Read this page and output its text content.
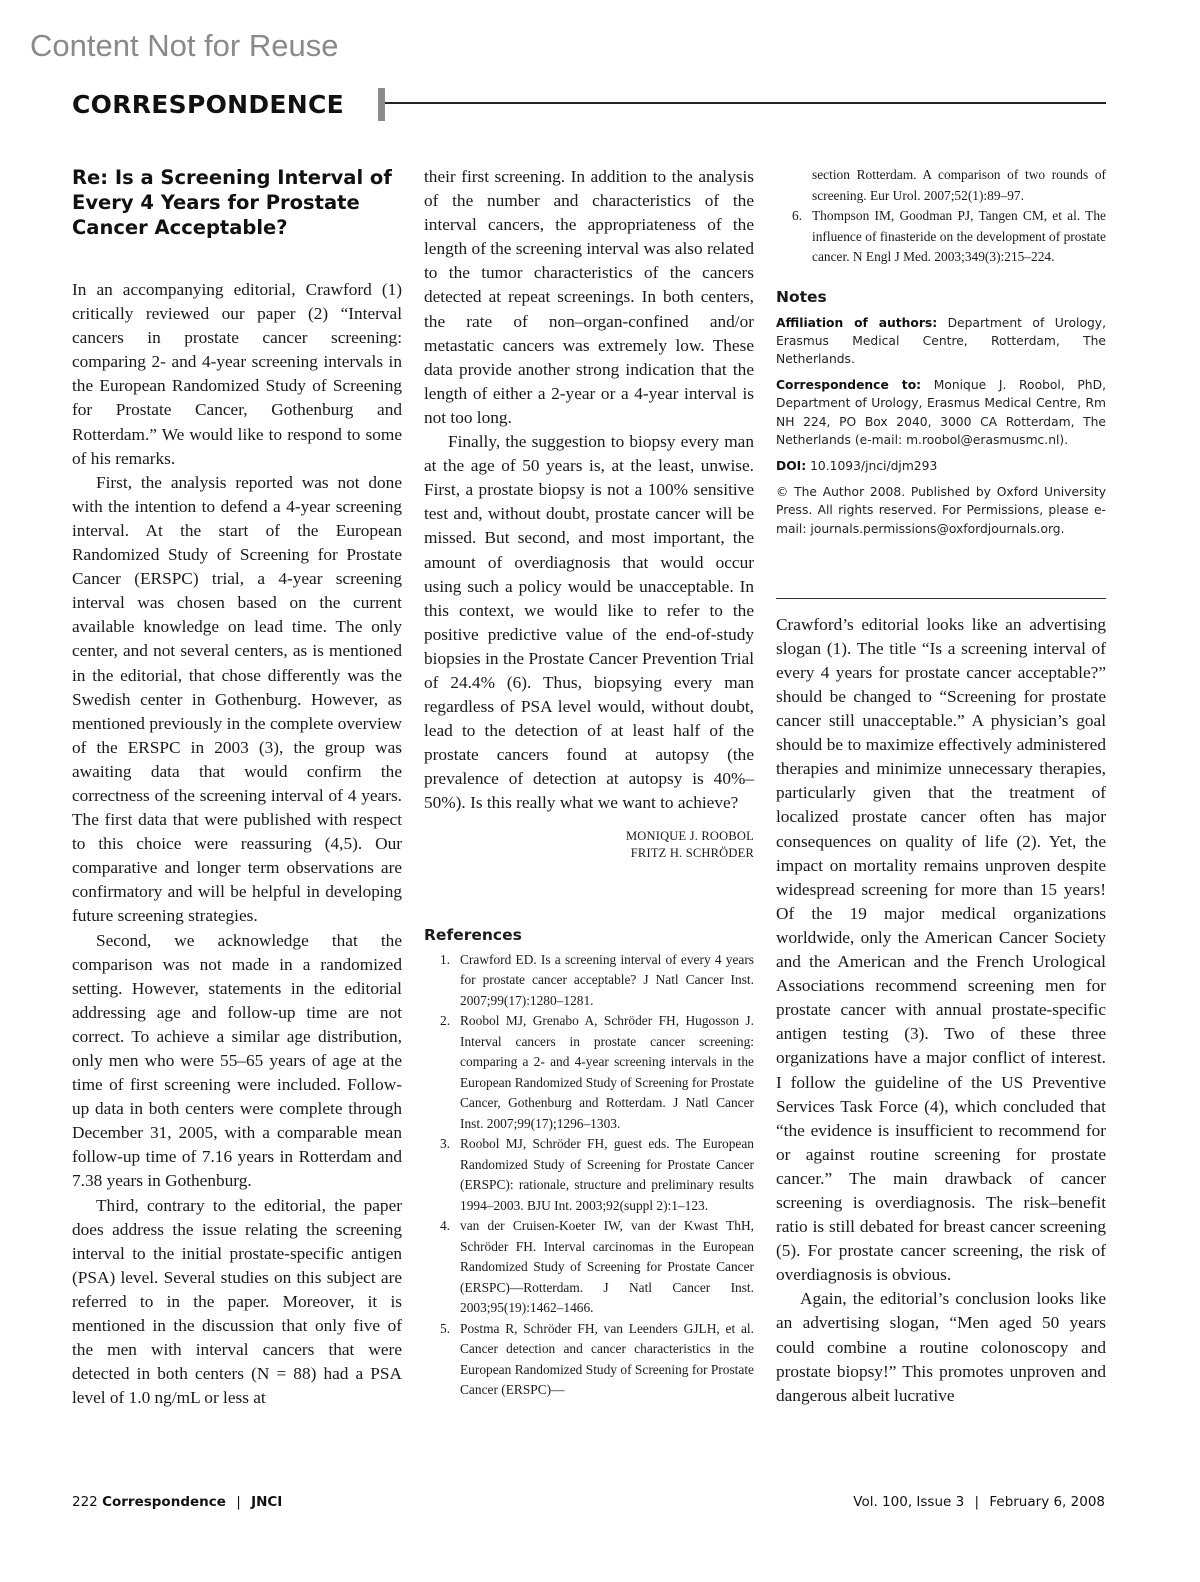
Content Not for Reuse
CORRESPONDENCE
Re: Is a Screening Interval of Every 4 Years for Prostate Cancer Acceptable?

In an accompanying editorial, Crawford (1) critically reviewed our paper (2) “Interval cancers in prostate cancer screening: comparing 2- and 4-year screening intervals in the European Randomized Study of Screening for Prostate Cancer, Gothenburg and Rotterdam.” We would like to respond to some of his remarks.

First, the analysis reported was not done with the intention to defend a 4-year screening interval. At the start of the European Randomized Study of Screening for Prostate Cancer (ERSPC) trial, a 4-year screening interval was chosen based on the current available knowledge on lead time. The only center, and not several centers, as is mentioned in the editorial, that chose differently was the Swedish center in Gothenburg. However, as mentioned previously in the complete overview of the ERSPC in 2003 (3), the group was awaiting data that would confirm the correctness of the screening interval of 4 years. The first data that were published with respect to this choice were reassuring (4,5). Our comparative and longer term observations are confirmatory and will be helpful in developing future screening strategies.

Second, we acknowledge that the comparison was not made in a randomized setting. However, statements in the editorial addressing age and follow-up time are not correct. To achieve a similar age distribution, only men who were 55–65 years of age at the time of first screening were included. Follow-up data in both centers were complete through December 31, 2005, with a comparable mean follow-up time of 7.16 years in Rotterdam and 7.38 years in Gothenburg.

Third, contrary to the editorial, the paper does address the issue relating the screening interval to the initial prostate-specific antigen (PSA) level. Several studies on this subject are referred to in the paper. Moreover, it is mentioned in the discussion that only five of the men with interval cancers that were detected in both centers (N = 88) had a PSA level of 1.0 ng/mL or less at

their first screening. In addition to the analysis of the number and characteristics of the interval cancers, the appropriateness of the length of the screening interval was also related to the tumor characteristics of the cancers detected at repeat screenings. In both centers, the rate of non–organ-confined and/or metastatic cancers was extremely low. These data provide another strong indication that the length of either a 2-year or a 4-year interval is not too long.

Finally, the suggestion to biopsy every man at the age of 50 years is, at the least, unwise. First, a prostate biopsy is not a 100% sensitive test and, without doubt, prostate cancer will be missed. But second, and most important, the amount of overdiagnosis that would occur using such a policy would be unacceptable. In this context, we would like to refer to the positive predictive value of the end-of-study biopsies in the Prostate Cancer Prevention Trial of 24.4% (6). Thus, biopsying every man regardless of PSA level would, without doubt, lead to the detection of at least half of the prostate cancers found at autopsy (the prevalence of detection at autopsy is 40%–50%). Is this really what we want to achieve?

MONIQUE J. ROOBOL
FRITZ H. SCHRÖDER
References
1. Crawford ED. Is a screening interval of every 4 years for prostate cancer acceptable? J Natl Cancer Inst. 2007;99(17):1280–1281.
2. Roobol MJ, Grenabo A, Schröder FH, Hugosson J. Interval cancers in prostate cancer screening: comparing a 2- and 4-year screening intervals in the European Randomized Study of Screening for Prostate Cancer, Gothenburg and Rotterdam. J Natl Cancer Inst. 2007;99(17);1296–1303.
3. Roobol MJ, Schröder FH, guest eds. The European Randomized Study of Screening for Prostate Cancer (ERSPC): rationale, structure and preliminary results 1994–2003. BJU Int. 2003;92(suppl 2):1–123.
4. van der Cruisen-Koeter IW, van der Kwast ThH, Schröder FH. Interval carcinomas in the European Randomized Study of Screening for Prostate Cancer (ERSPC)—Rotterdam. J Natl Cancer Inst. 2003;95(19):1462–1466.
5. Postma R, Schröder FH, van Leenders GJLH, et al. Cancer detection and cancer characteristics in the European Randomized Study of Screening for Prostate Cancer (ERSPC)—
section Rotterdam. A comparison of two rounds of screening. Eur Urol. 2007;52(1):89–97.
6. Thompson IM, Goodman PJ, Tangen CM, et al. The influence of finasteride on the development of prostate cancer. N Engl J Med. 2003;349(3):215–224.
Notes

Affiliation of authors: Department of Urology, Erasmus Medical Centre, Rotterdam, The Netherlands.

Correspondence to: Monique J. Roobol, PhD, Department of Urology, Erasmus Medical Centre, Rm NH 224, PO Box 2040, 3000 CA Rotterdam, The Netherlands (e-mail: m.roobol@erasmusmc.nl).

DOI: 10.1093/jnci/djm293

© The Author 2008. Published by Oxford University Press. All rights reserved. For Permissions, please e-mail: journals.permissions@oxfordjournals.org.

Crawford’s editorial looks like an advertising slogan (1). The title “Is a screening interval of every 4 years for prostate cancer acceptable?” should be changed to “Screening for prostate cancer still unacceptable.” A physician’s goal should be to maximize effectively administered therapies and minimize unnecessary therapies, particularly given that the treatment of localized prostate cancer often has major consequences on quality of life (2). Yet, the impact on mortality remains unproven despite widespread screening for more than 15 years! Of the 19 major medical organizations worldwide, only the American Cancer Society and the American and the French Urological Associations recommend screening men for prostate cancer with annual prostate-specific antigen testing (3). Two of these three organizations have a major conflict of interest. I follow the guideline of the US Preventive Services Task Force (4), which concluded that “the evidence is insufficient to recommend for or against routine screening for prostate cancer.” The main drawback of cancer screening is overdiagnosis. The risk–benefit ratio is still debated for breast cancer screening (5). For prostate cancer screening, the risk of overdiagnosis is obvious.

Again, the editorial’s conclusion looks like an advertising slogan, “Men aged 50 years could combine a routine colonoscopy and prostate biopsy!” This promotes unproven and dangerous albeit lucrative

222 Correspondence | JNCI	Vol. 100, Issue 3 | February 6, 2008
